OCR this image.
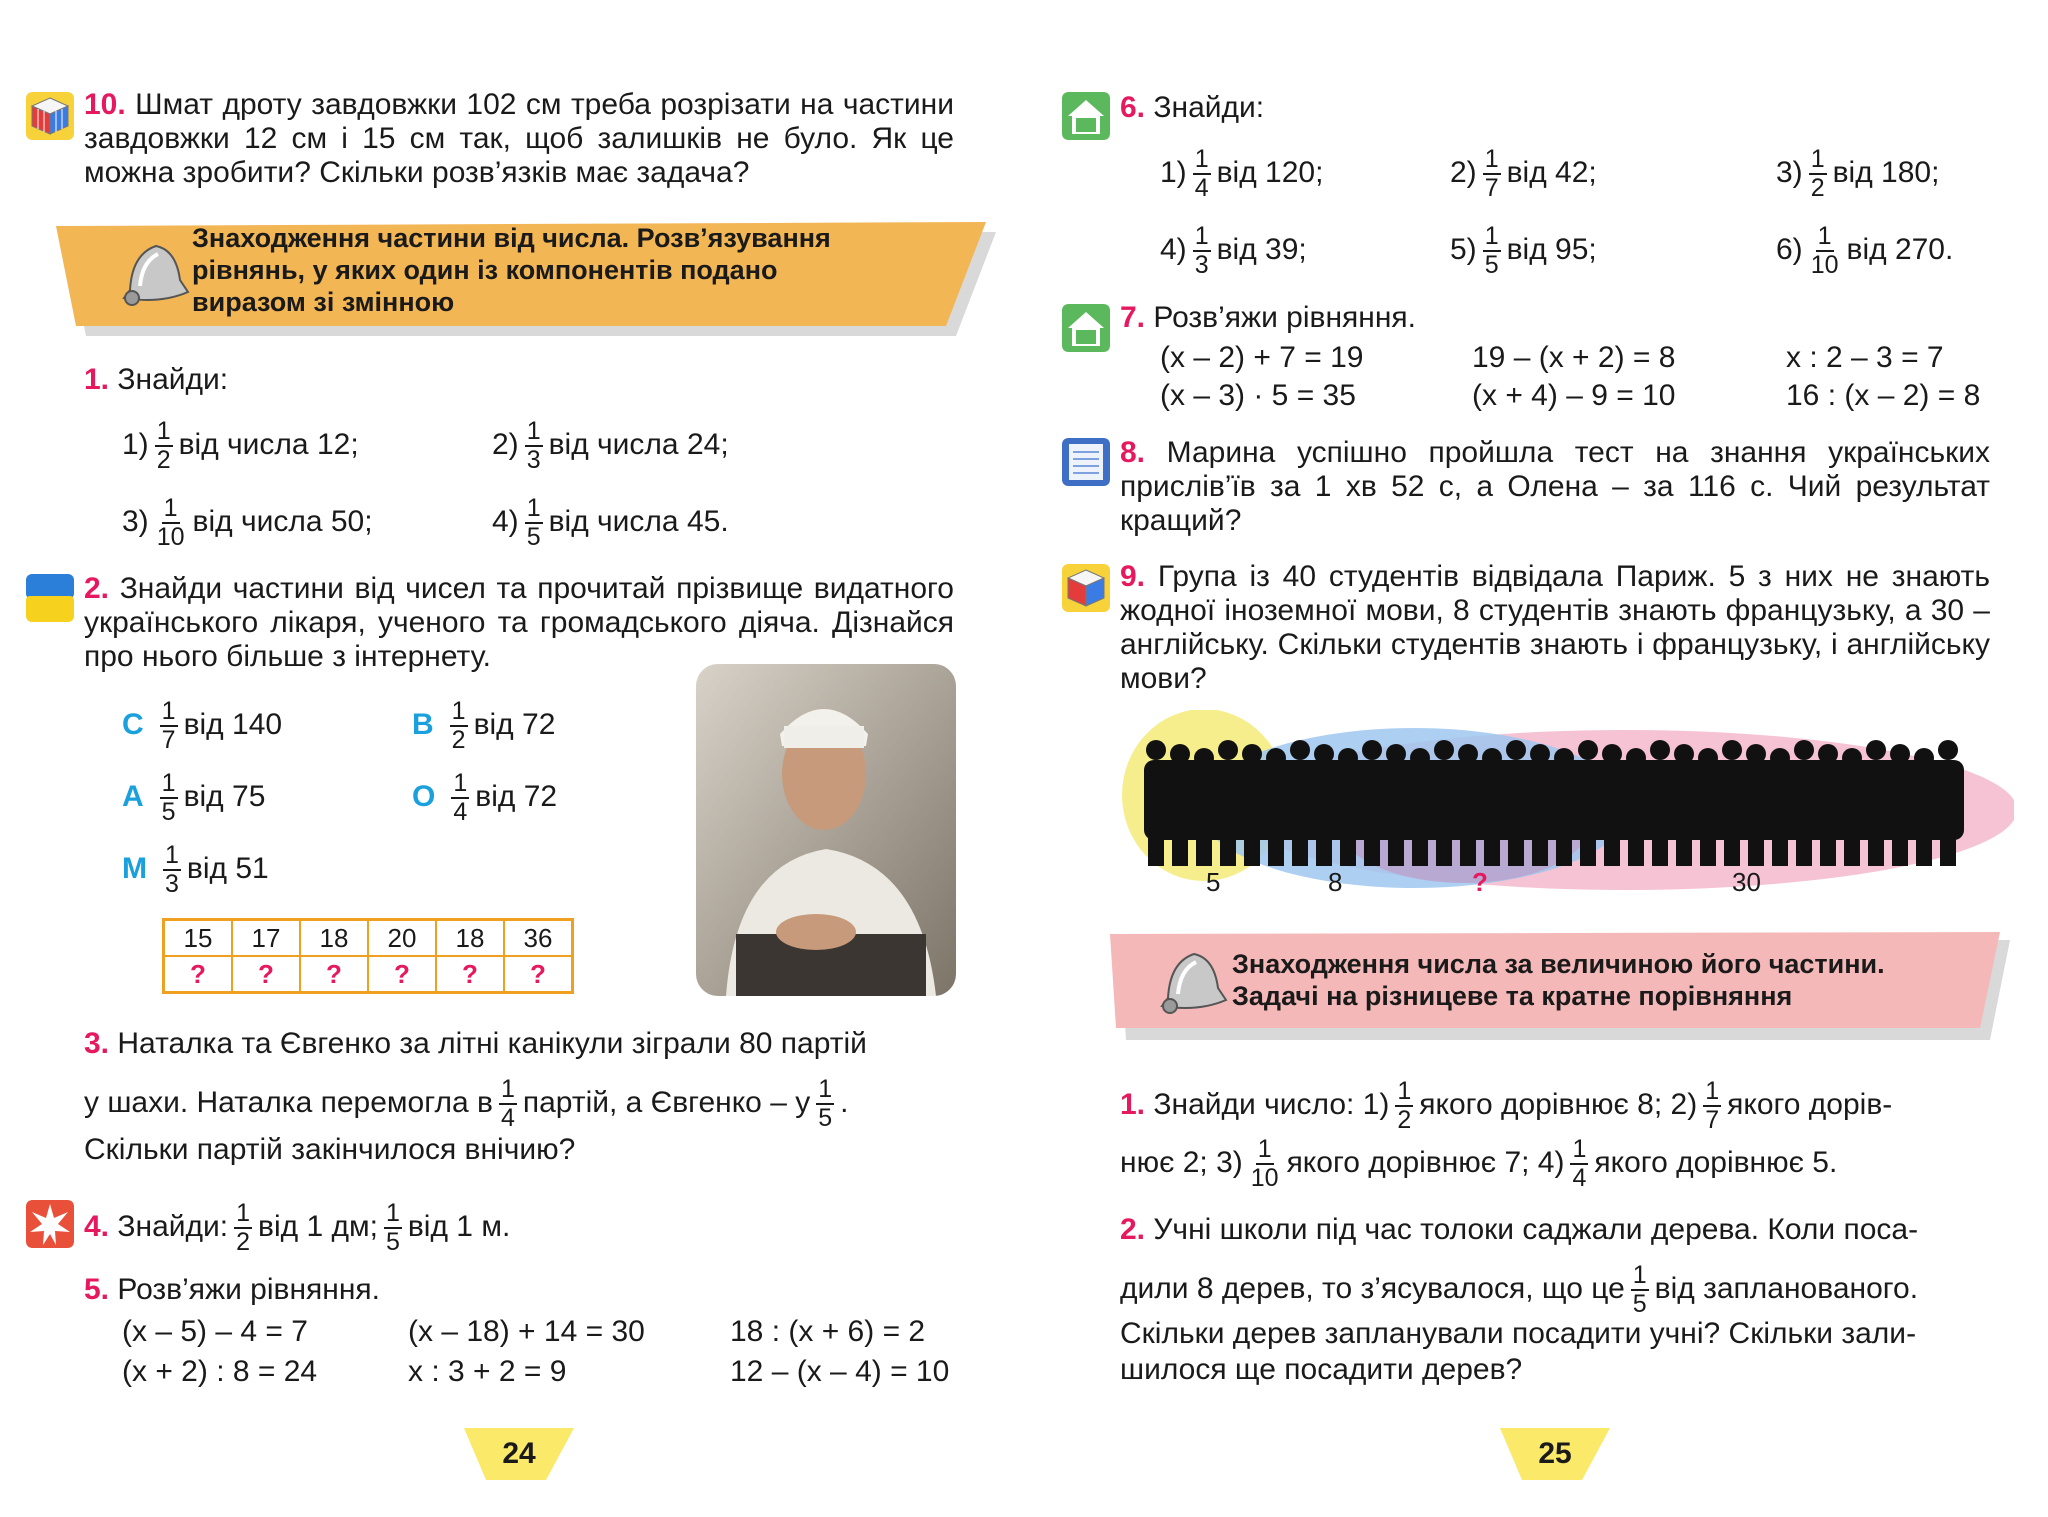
10. Шмат дроту завдовжки 102 см треба розрізати на частини завдовжки 12 см і 15 см так, щоб залишків не було. Як це можна зробити? Скільки розв’язків має задача?
Знаходження частини від числа. Розв’язування
рівнянь, у яких один із компонентів подано
виразом зі змінною
1. Знайди:
$1) \frac{1}{2}$ від числа 12;	$2) \frac{1}{3}$ від числа 24;
$3) \frac{1}{10}$ від числа 50;	$4) \frac{1}{5}$ від числа 45.
2. Знайди частини від чисел та прочитай прізвище видатного українського лікаря, ученого та громадського діяча. Дізнайся про нього більше з інтернету.
С $\frac{1}{7}$ від 140	В $\frac{1}{2}$ від 72
А $\frac{1}{5}$ від 75	О $\frac{1}{4}$ від 72
М $\frac{1}{3}$ від 51
15	17	18	20	18	36
?	?	?	?	?	?
3. Наталка та Євгенко за літні канікули зіграли 80 партій
у шахи. Наталка перемогла в $\frac{1}{4}$ партій, а Євгенко – у $\frac{1}{5}$ .
Скільки партій закінчилося внічию?
4. Знайди: $\frac{1}{2}$ від 1 дм; $\frac{1}{5}$ від 1 м.
5. Розв’яжи рівняння.
(x – 5) – 4 = 7	(x – 18) + 14 = 30	18 : (x + 6) = 2
(x + 2) : 8 = 24	x : 3 + 2 = 9	12 – (x – 4) = 10
24
6. Знайди:
$1) \frac{1}{4}$ від 120;	$2) \frac{1}{7}$ від 42;	$3) \frac{1}{2}$ від 180;
$4) \frac{1}{3}$ від 39;	$5) \frac{1}{5}$ від 95;	$6) \frac{1}{10}$ від 270.
7. Розв’яжи рівняння.
(x – 2) + 7 = 19	19 – (x + 2) = 8	x : 2 – 3 = 7
(x – 3) · 5 = 35	(x + 4) – 9 = 10	16 : (x – 2) = 8
8. Марина успішно пройшла тест на знання українських прислів’їв за 1 хв 52 с, а Олена – за 116 с. Чий результат кращий?
9. Група із 40 студентів відвідала Париж. 5 з них не знають жодної іноземної мови, 8 студентів знають французьку, а 30 – англійську. Скільки студентів знають і французьку, і англійську мови?
5	8	?	30
Знаходження числа за величиною його частини.
Задачі на різницеве та кратне порівняння
1. Знайди число: $1) \frac{1}{2}$ якого дорівнює 8; $2) \frac{1}{7}$ якого дорів-
нює 2; $3) \frac{1}{10}$ якого дорівнює 7; $4) \frac{1}{4}$ якого дорівнює 5.
2. Учні школи під час толоки саджали дерева. Коли поса-
дили 8 дерев, то з’ясувалося, що це $\frac{1}{5}$ від запланованого.
Скільки дерев запланували посадити учні? Скільки зали-
шилося ще посадити дерев?
25
